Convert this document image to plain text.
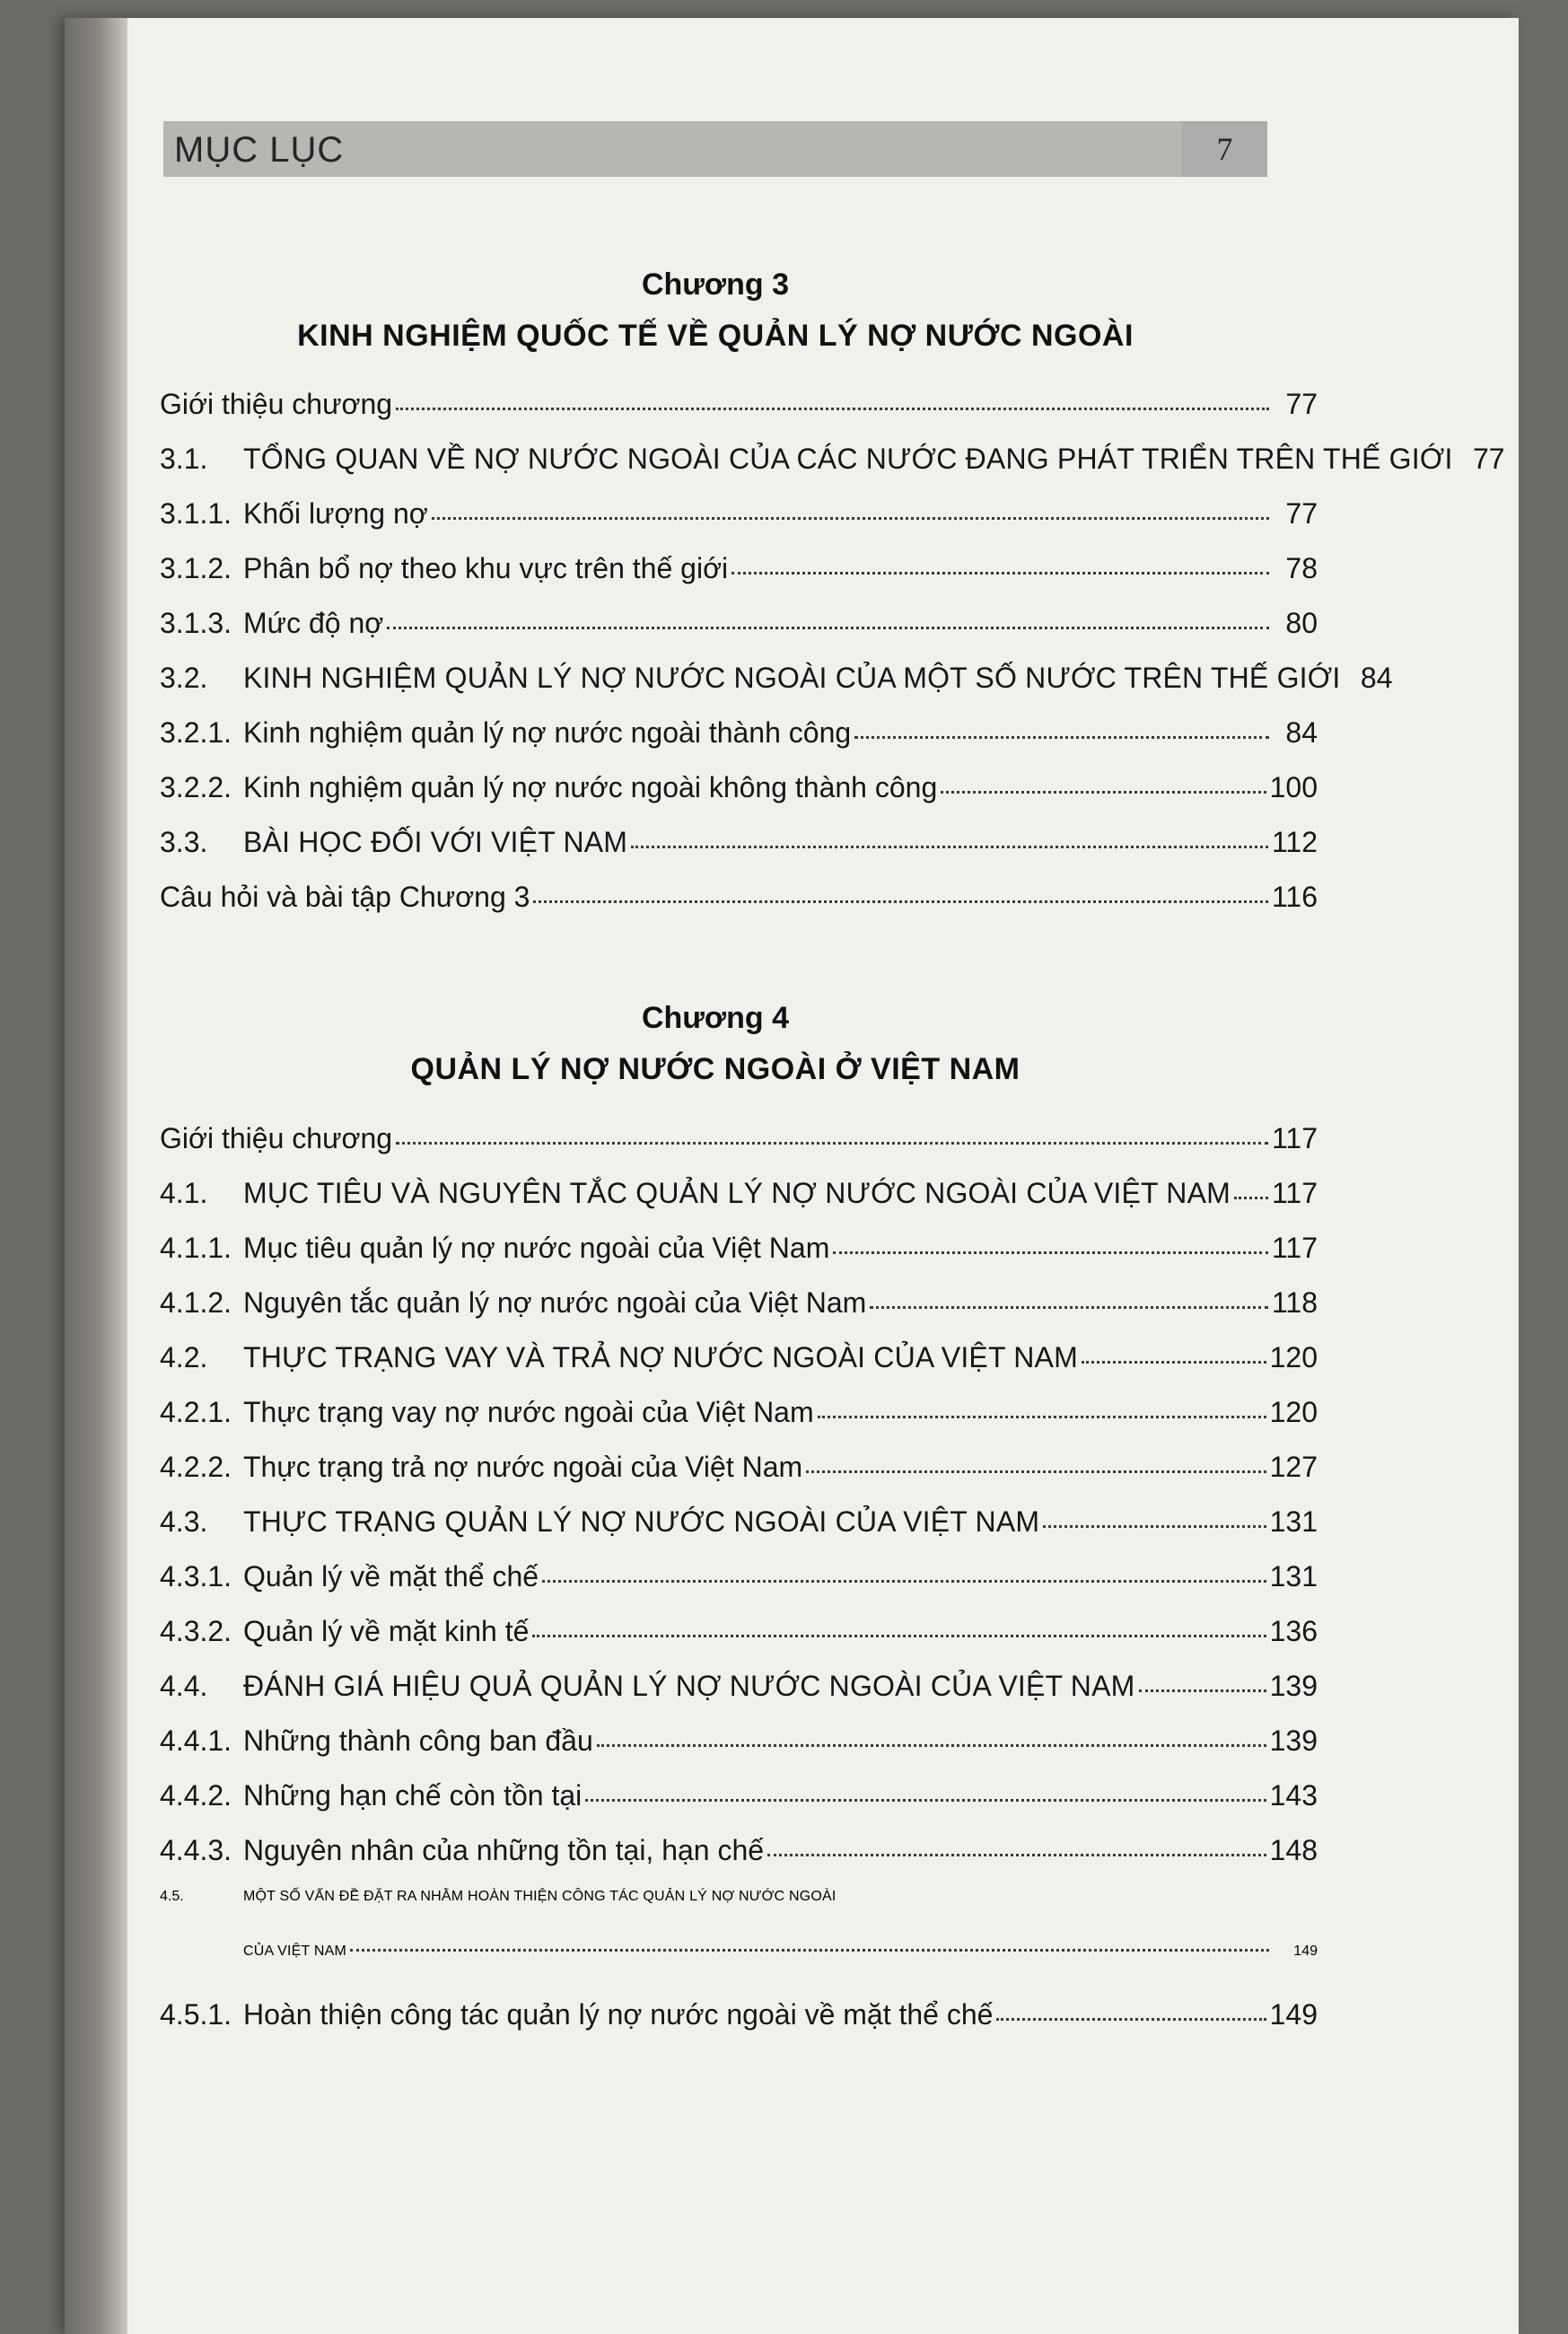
MỤC LỤC	7
Chương 3
KINH NGHIỆM QUỐC TẾ VỀ QUẢN LÝ NỢ NƯỚC NGOÀI
Giới thiệu chương	77
3.1.	TỔNG QUAN VỀ NỢ NƯỚC NGOÀI CỦA CÁC NƯỚC ĐANG PHÁT TRIỂN TRÊN THẾ GIỚI 77
3.1.1. Khối lượng nợ	77
3.1.2. Phân bổ nợ theo khu vực trên thế giới	78
3.1.3. Mức độ nợ	80
3.2.	KINH NGHIỆM QUẢN LÝ NỢ NƯỚC NGOÀI CỦA MỘT SỐ NƯỚC TRÊN THẾ GIỚI 84
3.2.1. Kinh nghiệm quản lý nợ nước ngoài thành công	84
3.2.2. Kinh nghiệm quản lý nợ nước ngoài không thành công	100
3.3.	BÀI HỌC ĐỐI VỚI VIỆT NAM	112
Câu hỏi và bài tập Chương 3	116
Chương 4
QUẢN LÝ NỢ NƯỚC NGOÀI Ở VIỆT NAM
Giới thiệu chương	117
4.1.	MỤC TIÊU VÀ NGUYÊN TẮC QUẢN LÝ NỢ NƯỚC NGOÀI CỦA VIỆT NAM 117
4.1.1. Mục tiêu quản lý nợ nước ngoài của Việt Nam	117
4.1.2. Nguyên tắc quản lý nợ nước ngoài của Việt Nam	118
4.2.	THỰC TRẠNG VAY VÀ TRẢ NỢ NƯỚC NGOÀI CỦA VIỆT NAM	120
4.2.1. Thực trạng vay nợ nước ngoài của Việt Nam	120
4.2.2. Thực trạng trả nợ nước ngoài của Việt Nam	127
4.3.	THỰC TRẠNG QUẢN LÝ NỢ NƯỚC NGOÀI CỦA VIỆT NAM	131
4.3.1. Quản lý về mặt thể chế	131
4.3.2. Quản lý về mặt kinh tế	136
4.4.	ĐÁNH GIÁ HIỆU QUẢ QUẢN LÝ NỢ NƯỚC NGOÀI CỦA VIỆT NAM	139
4.4.1. Những thành công ban đầu	139
4.4.2. Những hạn chế còn tồn tại	143
4.4.3. Nguyên nhân của những tồn tại, hạn chế	148
4.5.	MỘT SỐ VẤN ĐỀ ĐẶT RA NHẰM HOÀN THIỆN CÔNG TÁC QUẢN LÝ NỢ NƯỚC NGOÀI
CỦA VIỆT NAM	149
4.5.1. Hoàn thiện công tác quản lý nợ nước ngoài về mặt thể chế	149
